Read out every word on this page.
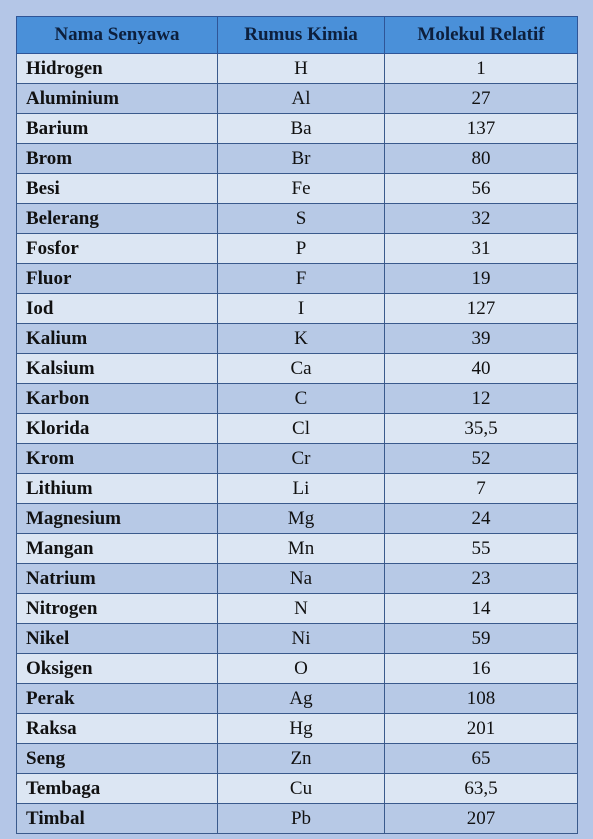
Nama Senyawa	Rumus Kimia	Molekul Relatif
Hidrogen	H	1
Aluminium	Al	27
Barium	Ba	137
Brom	Br	80
Besi	Fe	56
Belerang	S	32
Fosfor	P	31
Fluor	F	19
Iod	I	127
Kalium	K	39
Kalsium	Ca	40
Karbon	C	12
Klorida	Cl	35,5
Krom	Cr	52
Lithium	Li	7
Magnesium	Mg	24
Mangan	Mn	55
Natrium	Na	23
Nitrogen	N	14
Nikel	Ni	59
Oksigen	O	16
Perak	Ag	108
Raksa	Hg	201
Seng	Zn	65
Tembaga	Cu	63,5
Timbal	Pb	207
